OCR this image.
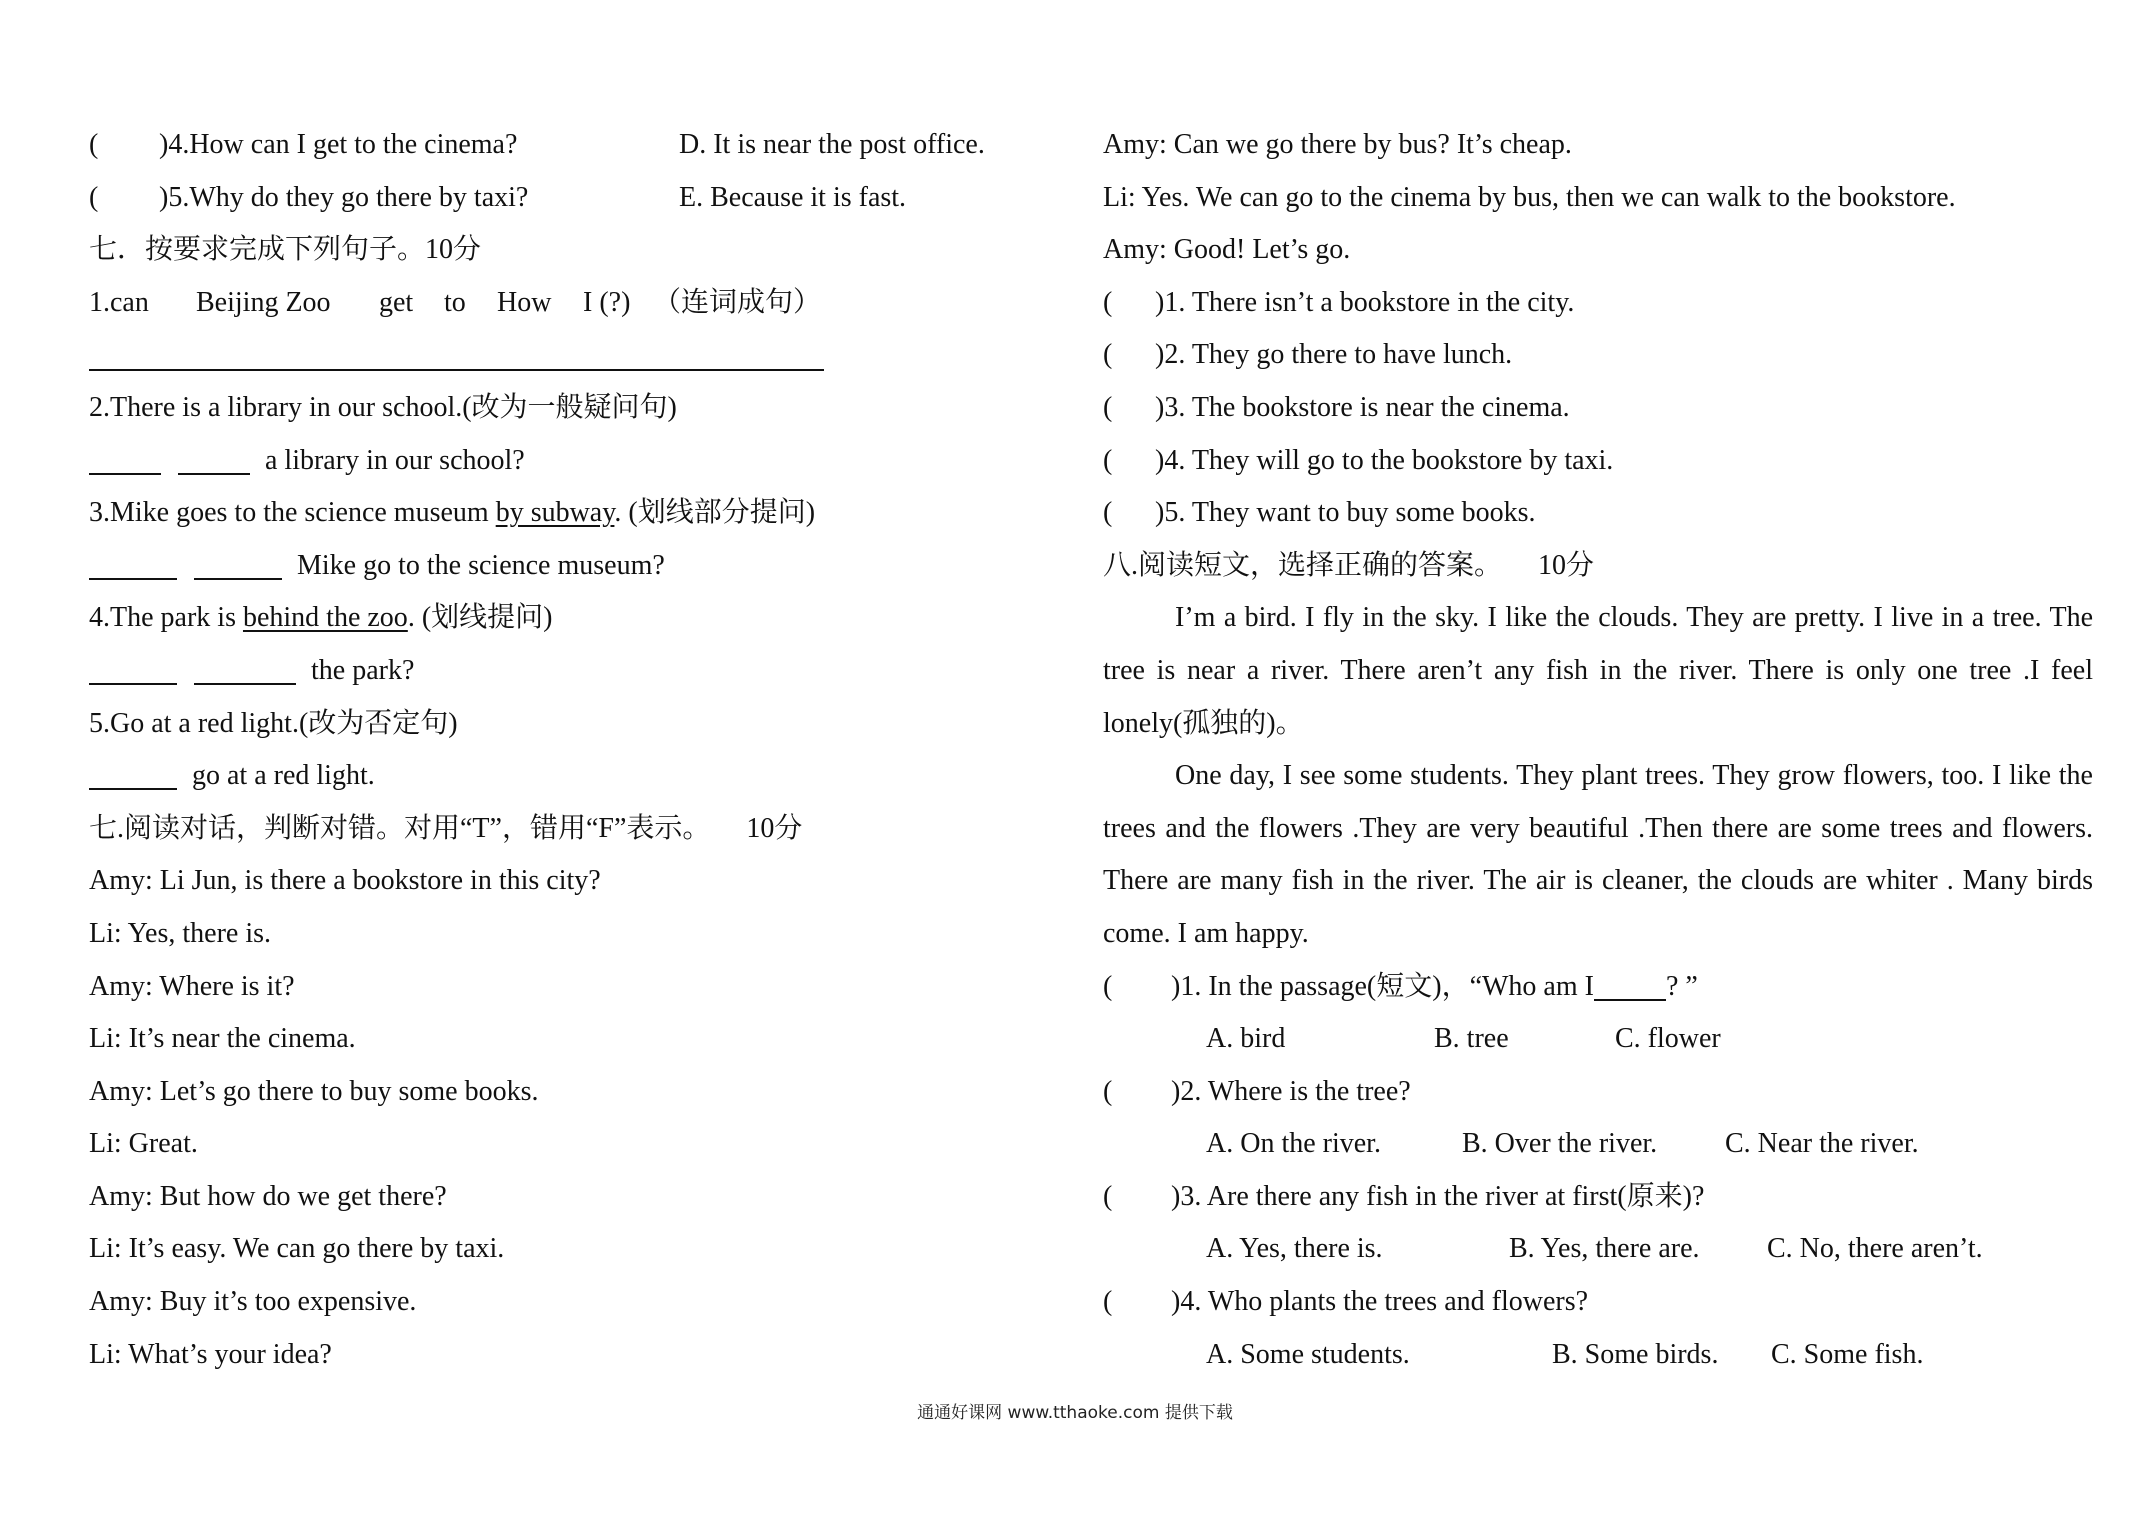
( )4.How can I get to the cinema?	D. It is near the post office.
( )5.Why do they go there by taxi?	E. Because it is fast.
七．按要求完成下列句子。10分
1.can Beijing Zoo get to How I (?) （连词成句）
2.There is a library in our school.(改为一般疑问句)
a library in our school?
3.Mike goes to the science museum by subway. (划线部分提问)
Mike go to the science museum?
4.The park is behind the zoo. (划线提问)
the park?
5.Go at a red light.(改为否定句)
go at a red light.
七.阅读对话，判断对错。对用“T”，错用“F”表示。 10分
Amy: Li Jun, is there a bookstore in this city?
Li: Yes, there is.
Amy: Where is it?
Li: It’s near the cinema.
Amy: Let’s go there to buy some books.
Li: Great.
Amy: But how do we get there?
Li: It’s easy. We can go there by taxi.
Amy: Buy it’s too expensive.
Li: What’s your idea?
Amy: Can we go there by bus? It’s cheap.
Li: Yes. We can go to the cinema by bus, then we can walk to the bookstore.
Amy: Good! Let’s go.
( )1. There isn’t a bookstore in the city.
( )2. They go there to have lunch.
( )3. The bookstore is near the cinema.
( )4. They will go to the bookstore by taxi.
( )5. They want to buy some books.
八.阅读短文，选择正确的答案。 10分
I’m a bird. I fly in the sky. I like the clouds. They are pretty. I live in a tree. The tree is near a river. There aren’t any fish in the river. There is only one tree .I feel lonely(孤独的)。
One day, I see some students. They plant trees. They grow flowers, too. I like the trees and the flowers .They are very beautiful .Then there are some trees and flowers. There are many fish in the river. The air is cleaner, the clouds are whiter . Many birds come. I am happy.
( )1. In the passage(短文)，“Who am I	? ”
A. bird	B. tree	C. flower
( )2. Where is the tree?
A. On the river.	B. Over the river. C. Near the river.
( )3. Are there any fish in the river at first(原来)?
A. Yes, there is.	B. Yes, there are. C. No, there aren’t.
( )4. Who plants the trees and flowers?
A. Some students.	B. Some birds. C. Some fish.
通通好课网 www.tthaoke.com 提供下载
